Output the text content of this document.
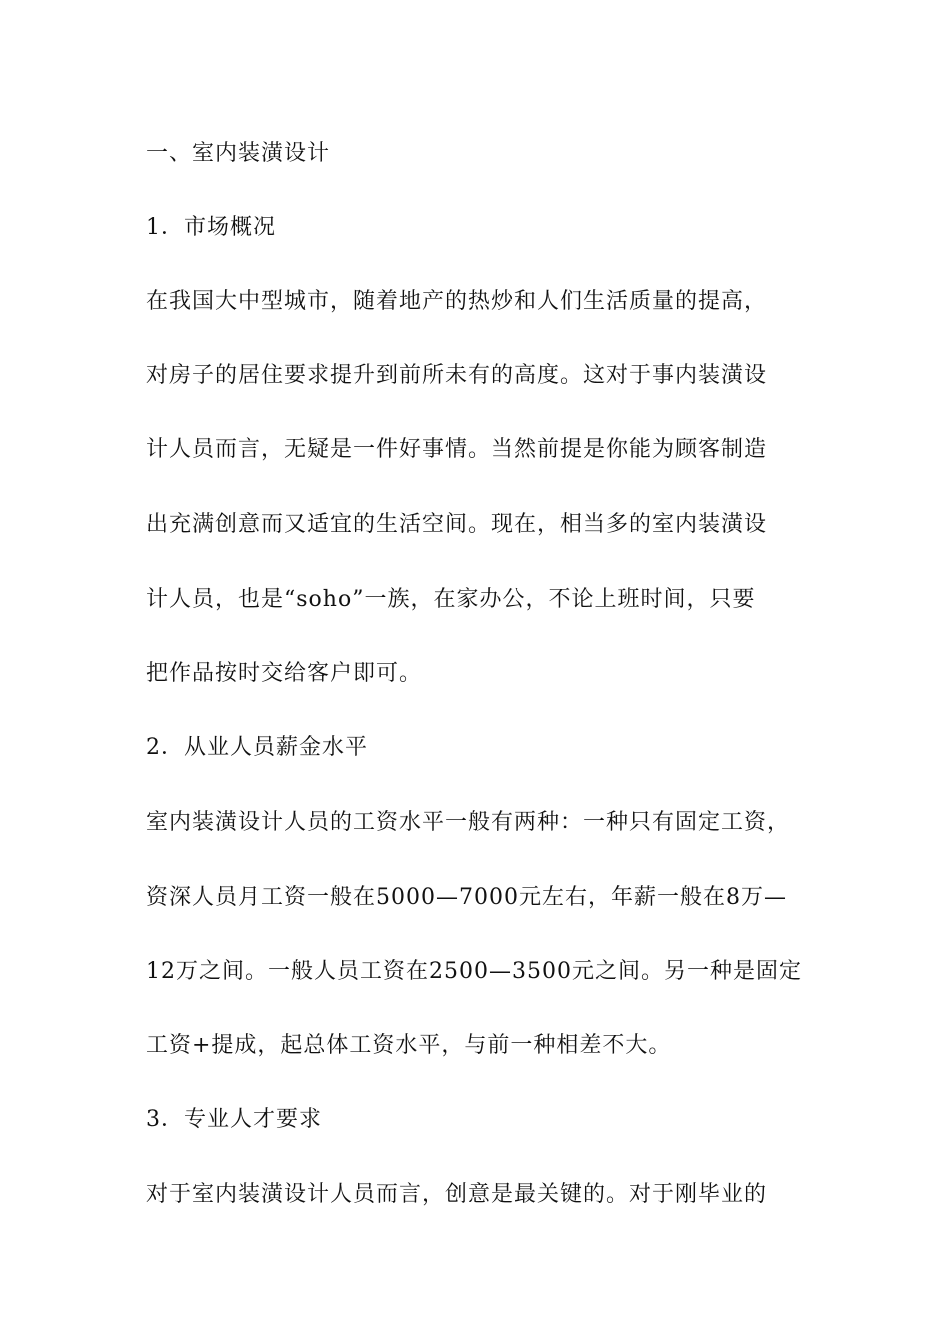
一、室内装潢设计
1．市场概况
在我国大中型城市，随着地产的热炒和人们生活质量的提高，
对房子的居住要求提升到前所未有的高度。这对于事内装潢设
计人员而言，无疑是一件好事情。当然前提是你能为顾客制造
出充满创意而又适宜的生活空间。现在，相当多的室内装潢设
计人员，也是“soho”一族，在家办公，不论上班时间，只要
把作品按时交给客户即可。
2．从业人员薪金水平
室内装潢设计人员的工资水平一般有两种：一种只有固定工资，
资深人员月工资一般在5000—7000元左右，年薪一般在8万—
12万之间。一般人员工资在2500—3500元之间。另一种是固定
工资+提成，起总体工资水平，与前一种相差不大。
3．专业人才要求
对于室内装潢设计人员而言，创意是最关键的。对于刚毕业的
